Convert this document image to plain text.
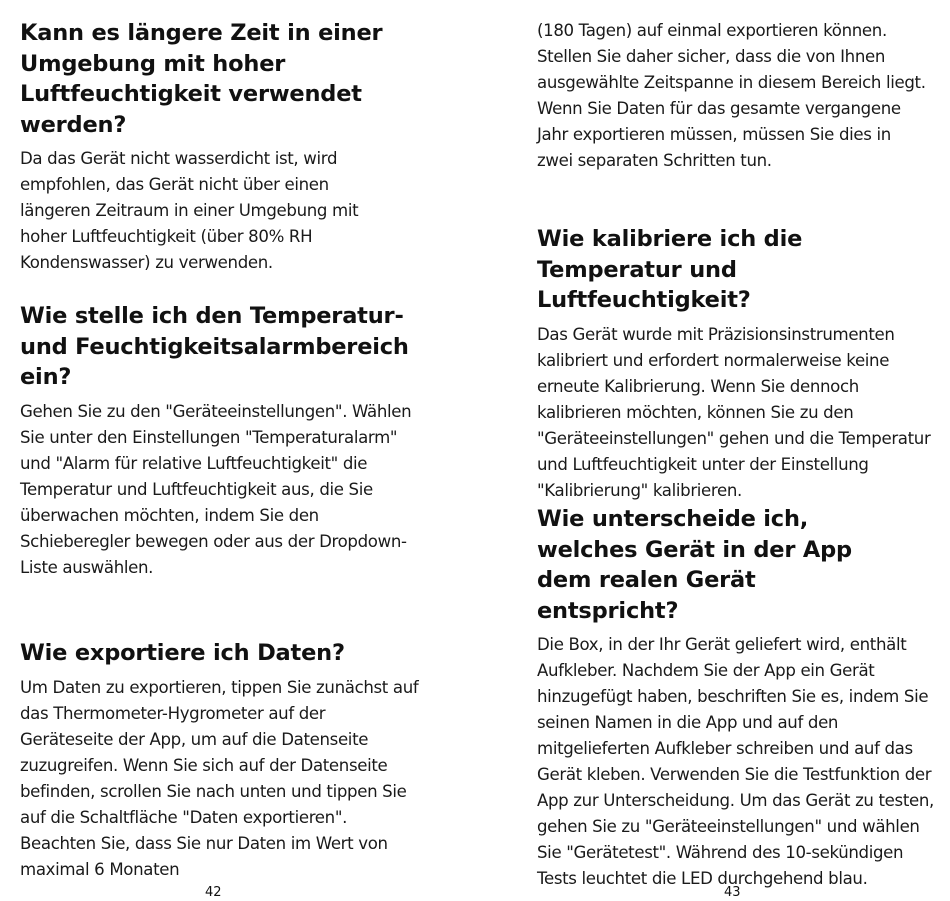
Kann es längere Zeit in einer Umgebung mit hoher Luftfeuchtigkeit verwendet werden?

Da das Gerät nicht wasserdicht ist, wird empfohlen, das Gerät nicht über einen längeren Zeitraum in einer Umgebung mit hoher Luftfeuchtigkeit (über 80% RH Kondenswasser) zu verwenden.

Wie stelle ich den Temperatur- und Feuchtigkeitsalarmbereich ein?

Gehen Sie zu den "Geräteeinstellungen". Wählen Sie unter den Einstellungen "Temperaturalarm" und "Alarm für relative Luftfeuchtigkeit" die Temperatur und Luftfeuchtigkeit aus, die Sie überwachen möchten, indem Sie den Schieberegler bewegen oder aus der Dropdown-Liste auswählen.

Wie exportiere ich Daten?

Um Daten zu exportieren, tippen Sie zunächst auf das Thermometer-Hygrometer auf der Geräteseite der App, um auf die Datenseite zuzugreifen. Wenn Sie sich auf der Datenseite befinden, scrollen Sie nach unten und tippen Sie auf die Schaltfläche "Daten exportieren". Beachten Sie, dass Sie nur Daten im Wert von maximal 6 Monaten

42

(180 Tagen) auf einmal exportieren können. Stellen Sie daher sicher, dass die von Ihnen ausgewählte Zeitspanne in diesem Bereich liegt. Wenn Sie Daten für das gesamte vergangene Jahr exportieren müssen, müssen Sie dies in zwei separaten Schritten tun.

Wie kalibriere ich die Temperatur und Luftfeuchtigkeit?

Das Gerät wurde mit Präzisionsinstrumenten kalibriert und erfordert normalerweise keine erneute Kalibrierung. Wenn Sie dennoch kalibrieren möchten, können Sie zu den "Geräteeinstellungen" gehen und die Temperatur und Luftfeuchtigkeit unter der Einstellung "Kalibrierung" kalibrieren.

Wie unterscheide ich, welches Gerät in der App dem realen Gerät entspricht?

Die Box, in der Ihr Gerät geliefert wird, enthält Aufkleber. Nachdem Sie der App ein Gerät hinzugefügt haben, beschriften Sie es, indem Sie seinen Namen in die App und auf den mitgelieferten Aufkleber schreiben und auf das Gerät kleben. Verwenden Sie die Testfunktion der App zur Unterscheidung. Um das Gerät zu testen, gehen Sie zu "Geräteeinstellungen" und wählen Sie "Gerätetest". Während des 10-sekündigen Tests leuchtet die LED durchgehend blau.

43
